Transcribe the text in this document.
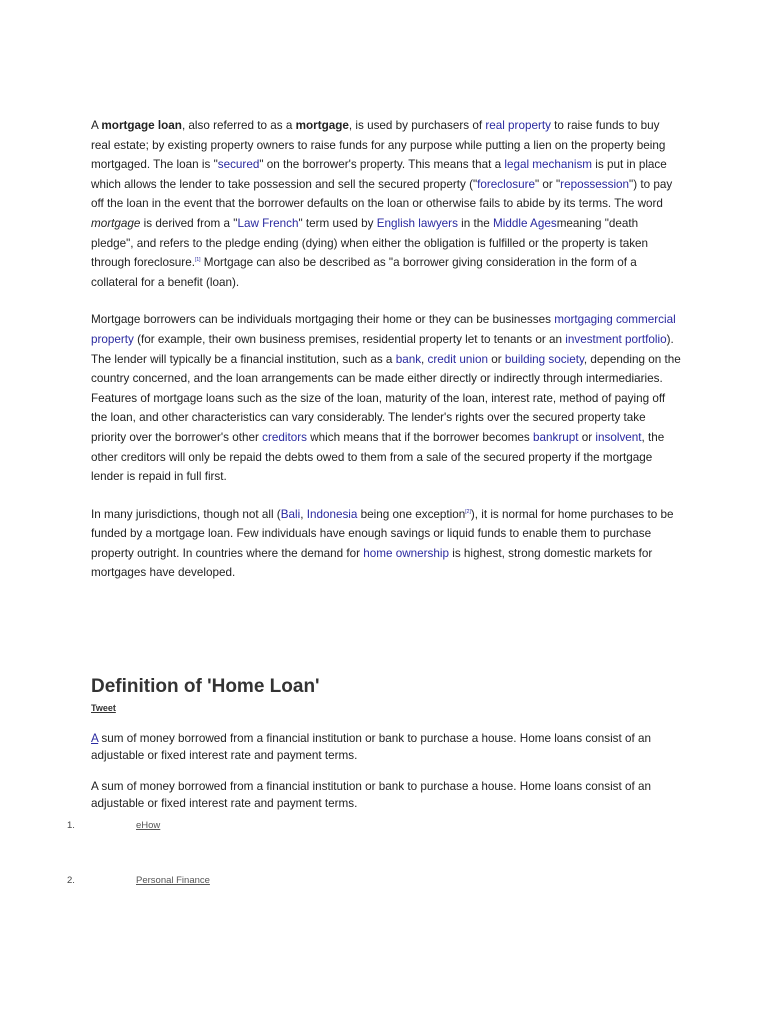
A mortgage loan, also referred to as a mortgage, is used by purchasers of real property to raise funds to buy real estate; by existing property owners to raise funds for any purpose while putting a lien on the property being mortgaged. The loan is "secured" on the borrower's property. This means that a legal mechanism is put in place which allows the lender to take possession and sell the secured property ("foreclosure" or "repossession") to pay off the loan in the event that the borrower defaults on the loan or otherwise fails to abide by its terms. The word mortgage is derived from a "Law French" term used by English lawyers in the Middle Agesmeaning "death pledge", and refers to the pledge ending (dying) when either the obligation is fulfilled or the property is taken through foreclosure.[1] Mortgage can also be described as "a borrower giving consideration in the form of a collateral for a benefit (loan).

Mortgage borrowers can be individuals mortgaging their home or they can be businesses mortgaging commercial property (for example, their own business premises, residential property let to tenants or an investment portfolio). The lender will typically be a financial institution, such as a bank, credit union or building society, depending on the country concerned, and the loan arrangements can be made either directly or indirectly through intermediaries. Features of mortgage loans such as the size of the loan, maturity of the loan, interest rate, method of paying off the loan, and other characteristics can vary considerably. The lender's rights over the secured property take priority over the borrower's other creditors which means that if the borrower becomes bankrupt or insolvent, the other creditors will only be repaid the debts owed to them from a sale of the secured property if the mortgage lender is repaid in full first.

In many jurisdictions, though not all (Bali, Indonesia being one exception[2]), it is normal for home purchases to be funded by a mortgage loan. Few individuals have enough savings or liquid funds to enable them to purchase property outright. In countries where the demand for home ownership is highest, strong domestic markets for mortgages have developed.

Definition of 'Home Loan'
Tweet

A sum of money borrowed from a financial institution or bank to purchase a house. Home loans consist of an adjustable or fixed interest rate and payment terms.

A sum of money borrowed from a financial institution or bank to purchase a house. Home loans consist of an adjustable or fixed interest rate and payment terms.

1.	eHow
2.	Personal Finance
